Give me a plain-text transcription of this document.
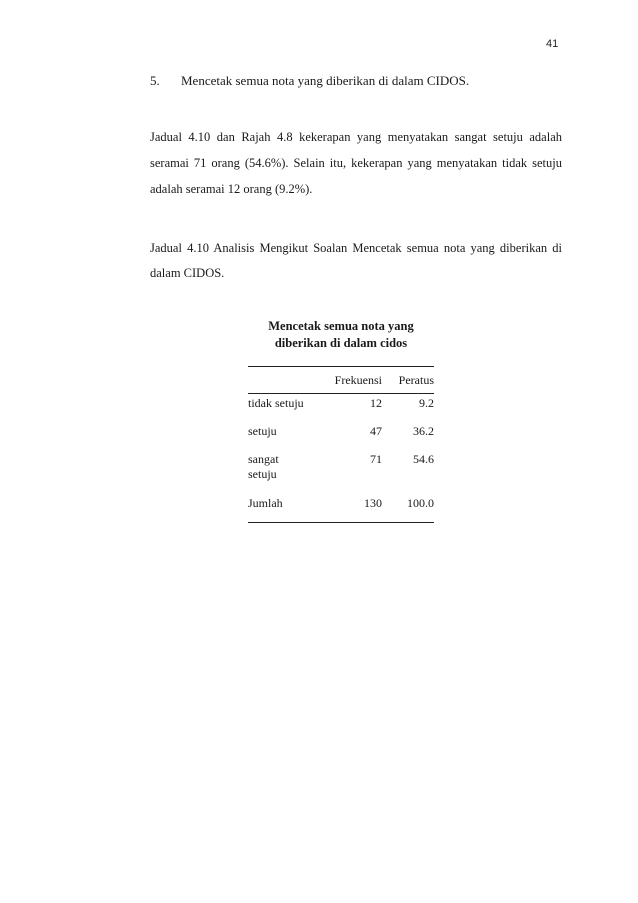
41
5. Mencetak semua nota yang diberikan di dalam CIDOS.

Jadual 4.10 dan Rajah 4.8 kekerapan yang menyatakan sangat setuju adalah seramai 71 orang (54.6%). Selain itu, kekerapan yang menyatakan tidak setuju adalah seramai 12 orang (9.2%).

Jadual 4.10 Analisis Mengikut Soalan Mencetak semua nota yang diberikan di dalam CIDOS.

Mencetak semua nota yang
diberikan di dalam cidos
	Frekuensi	Peratus
tidak setuju	12	9.2
setuju	47	36.2

sangat
setuju	71	54.6
Jumlah	130	100.0
